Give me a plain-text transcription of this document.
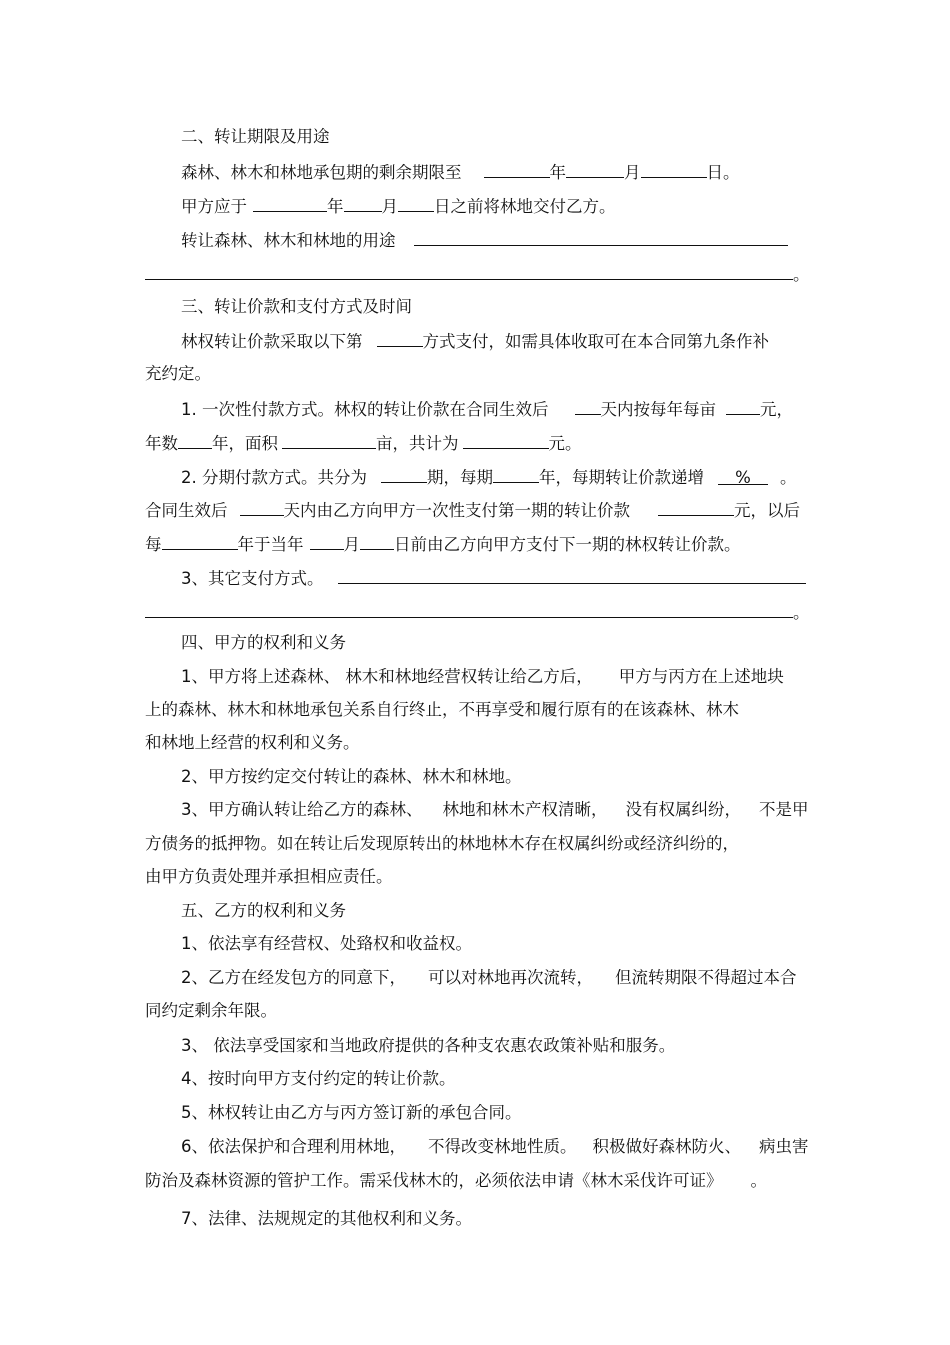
二、转让期限及用途
森林、林木和林地承包期的剩余期限至	年	月	日。
甲方应于	年 月 日之前将林地交付乙方。
转让森林、林木和林地的用途
。
三、转让价款和支付方式及时间
林权转让价款采取以下第	方式支付，如需具体收取可在本合同第九条作补
充约定。
1. 一次性付款方式。林权的转让价款在合同生效后	天内按每年每亩	元，
年数 年，面积	亩，共计为	元。
2. 分期付款方式。共分为	期，每期	年，每期转让价款递增 % 。
合同生效后	天内由乙方向甲方一次性支付第一期的转让价款	元，以后
每	年于当年 月 日前由乙方向甲方支付下一期的林权转让价款。
3、其它支付方式。
。
四、甲方的权利和义务
1、甲方将上述森林、 林木和林地经营权转让给乙方后， 甲方与丙方在上述地块
上的森林、林木和林地承包关系自行终止，不再享受和履行原有的在该森林、林木
和林地上经营的权利和义务。
2、甲方按约定交付转让的森林、林木和林地。
3、甲方确认转让给乙方的森林、 林地和林木产权清晰， 没有权属纠纷， 不是甲
方债务的抵押物。如在转让后发现原转出的林地林木存在权属纠纷或经济纠纷的，
由甲方负责处理并承担相应责任。
五、乙方的权利和义务
1、依法享有经营权、处臵权和收益权。
2、乙方在经发包方的同意下， 可以对林地再次流转， 但流转期限不得超过本合
同约定剩余年限。
3、 依法享受国家和当地政府提供的各种支农惠农政策补贴和服务。
4、按时向甲方支付约定的转让价款。
5、林权转让由乙方与丙方签订新的承包合同。
6、依法保护和合理利用林地， 不得改变林地性质。 积极做好森林防火、 病虫害
防治及森林资源的管护工作。需采伐林木的，必须依法申请《林木采伐许可证》 。
7、法律、法规规定的其他权利和义务。
